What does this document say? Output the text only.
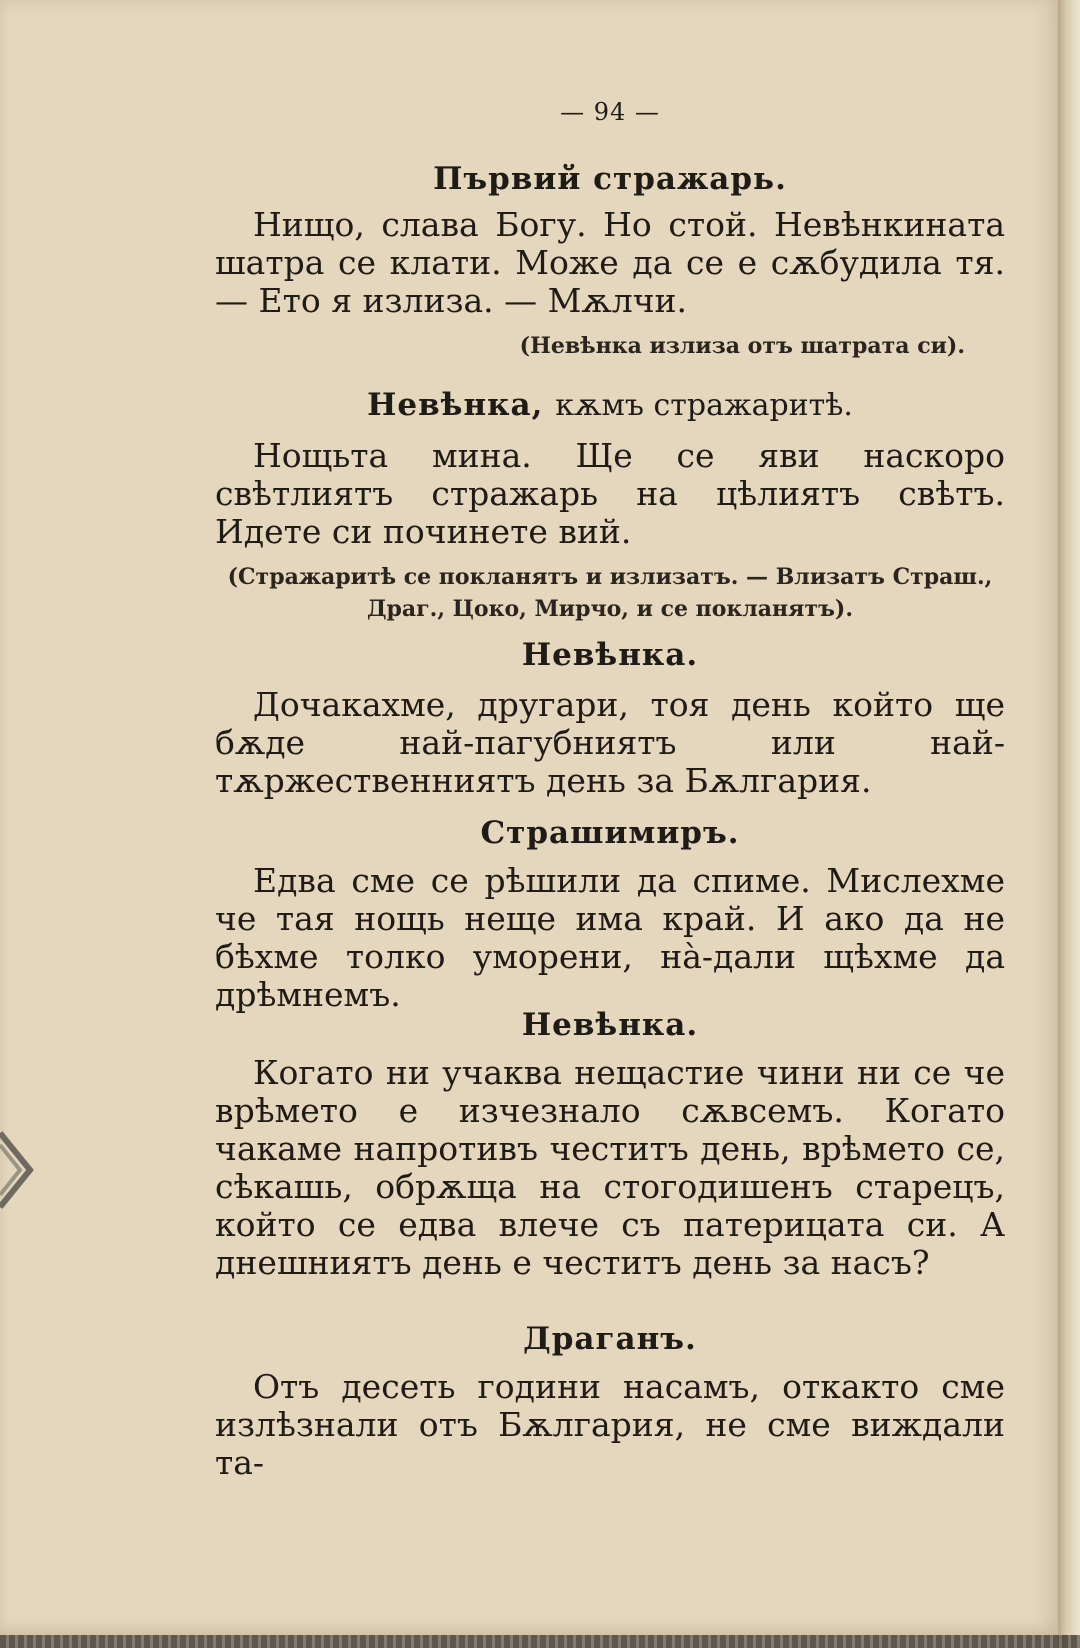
— 94 —

Първий стражарь.

Нищо, слава Богу. Но стой. Невѣнкината шатра се клати. Може да се е сѫбудила тя.— Ето я излиза. — Мѫлчи.

(Невѣнка излиза отъ шатрата си).

Невѣнка, кѫмъ стражаритѣ.

Нощьта мина. Ще се яви наскоро свѣтлиятъ стражарь на цѣлиятъ свѣтъ. Идете си починете вий.

(Стражаритѣ се покланятъ и излизатъ. — Влизатъ Страш., Драг., Цоко, Мирчо, и се покланятъ).

Невѣнка.

Дочакахме, другари, тоя день който ще бѫде най-пагубниятъ или най-тѫржественниятъ день за Бѫлгария.

Страшимиръ.

Едва сме се рѣшили да спиме. Мислехме че тая нощь неще има край. И ако да не бѣхме толко уморени, нà-дали щѣхме да дрѣмнемъ.

Невѣнка.

Когато ни учаква нещастие чини ни се че врѣмето е изчезнало сѫвсемъ. Когато чакаме напротивъ честитъ день, врѣмето се, сѣкашь, обрѫща на стогодишенъ старецъ, който се едва влече съ патерицата си. А днешниятъ день е честитъ день за насъ?

Драганъ.

Отъ десеть години насамъ, откакто сме излѣзнали отъ Бѫлгария, не сме виждали та-
